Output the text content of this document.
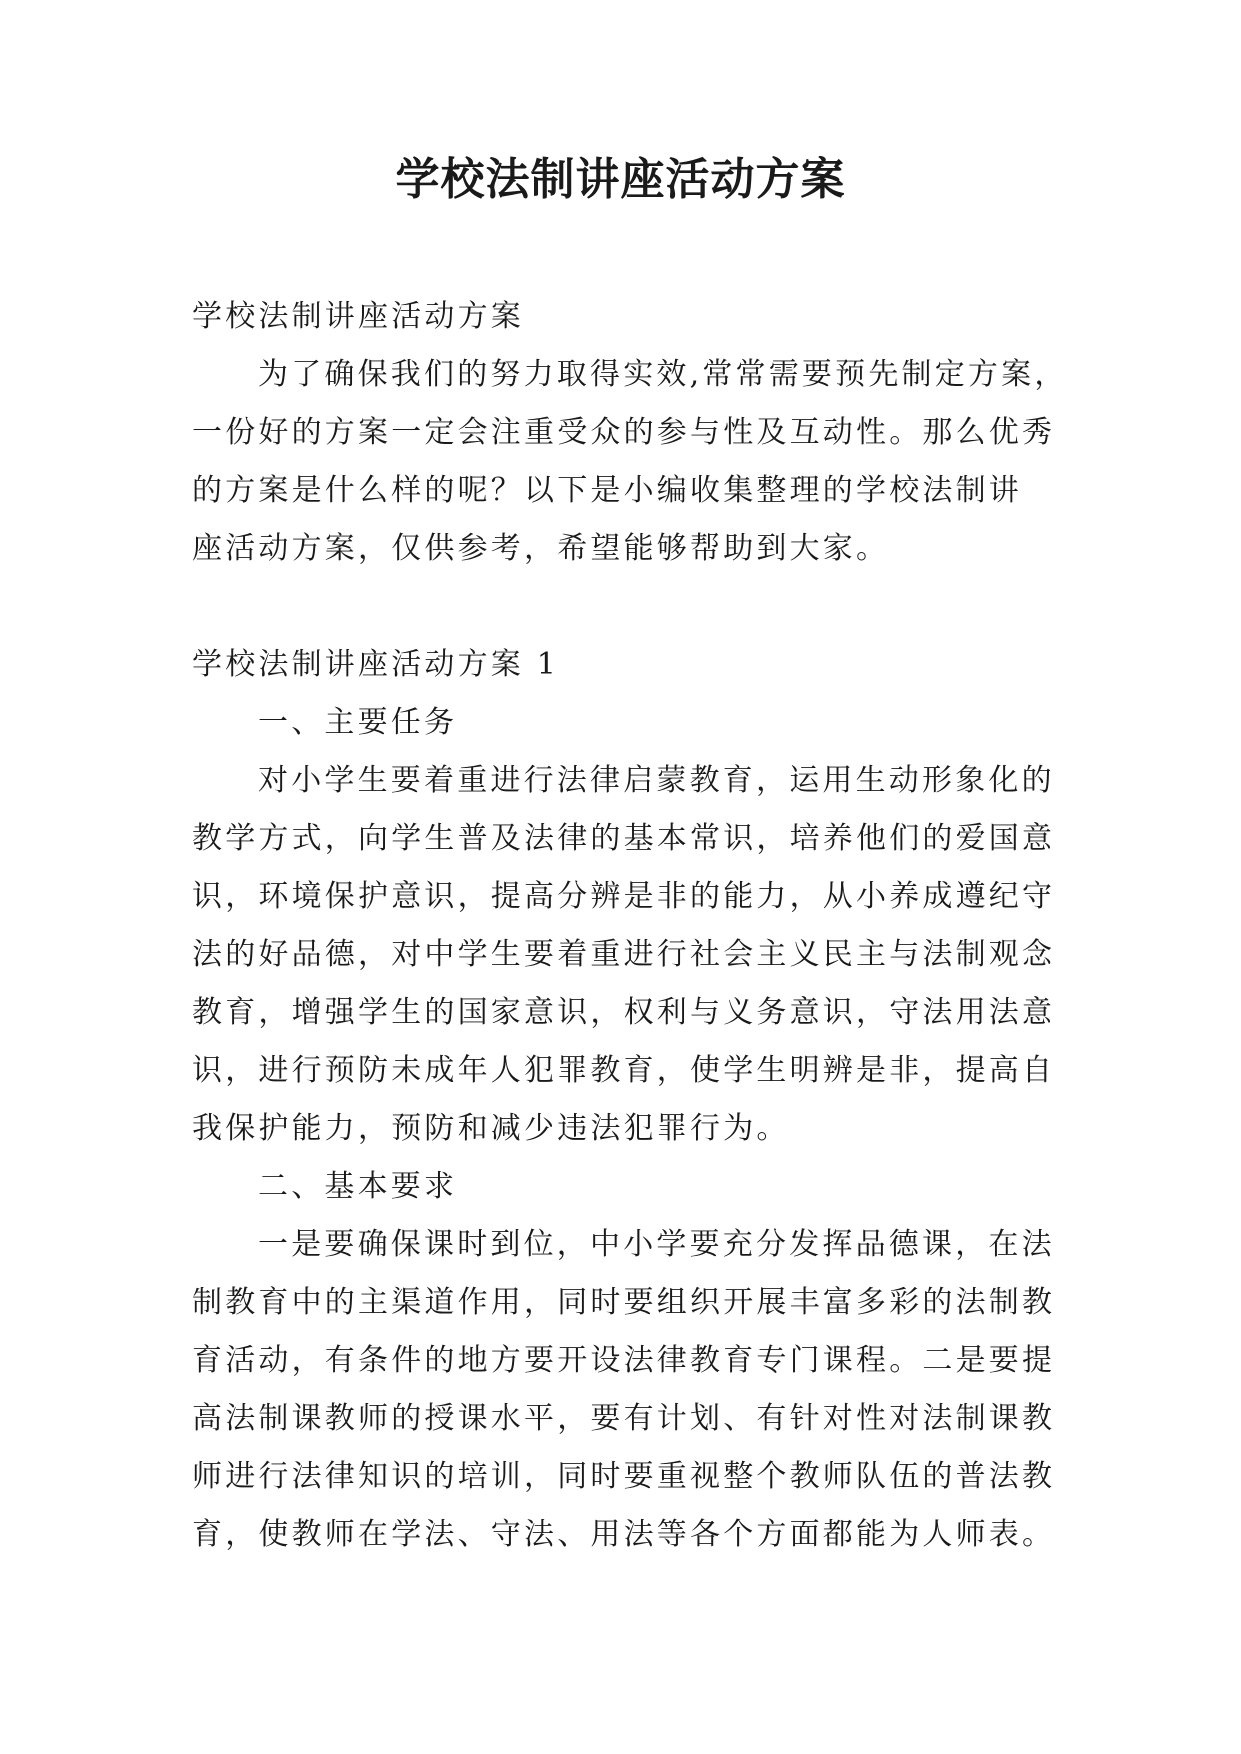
学校法制讲座活动方案

学校法制讲座活动方案

为了确保我们的努力取得实效,常常需要预先制定方案，

一份好的方案一定会注重受众的参与性及互动性。那么优秀

的方案是什么样的呢？以下是小编收集整理的学校法制讲

座活动方案，仅供参考，希望能够帮助到大家。

学校法制讲座活动方案 1

一、主要任务

对小学生要着重进行法律启蒙教育，运用生动形象化的

教学方式，向学生普及法律的基本常识，培养他们的爱国意

识，环境保护意识，提高分辨是非的能力，从小养成遵纪守

法的好品德，对中学生要着重进行社会主义民主与法制观念

教育，增强学生的国家意识，权利与义务意识，守法用法意

识，进行预防未成年人犯罪教育，使学生明辨是非，提高自

我保护能力，预防和减少违法犯罪行为。

二、基本要求

一是要确保课时到位，中小学要充分发挥品德课，在法

制教育中的主渠道作用，同时要组织开展丰富多彩的法制教

育活动，有条件的地方要开设法律教育专门课程。二是要提

高法制课教师的授课水平，要有计划、有针对性对法制课教

师进行法律知识的培训，同时要重视整个教师队伍的普法教

育，使教师在学法、守法、用法等各个方面都能为人师表。
